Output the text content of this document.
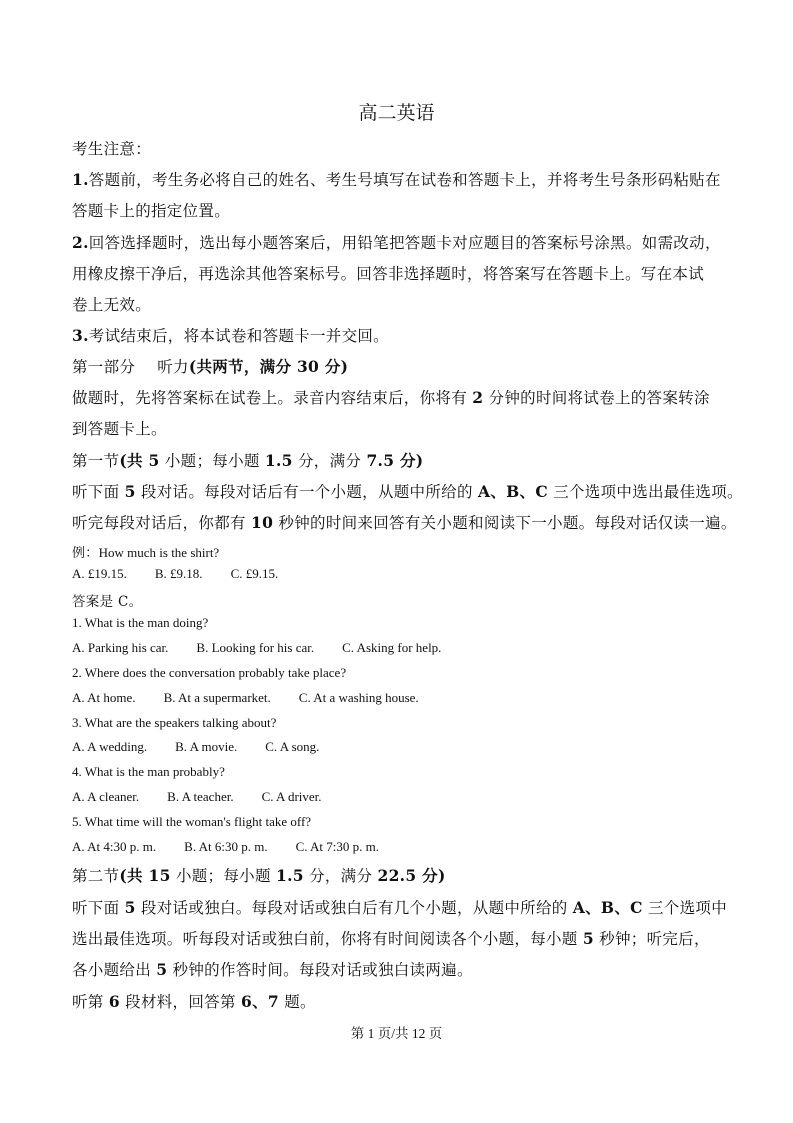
高二英语
考生注意：
1.答题前，考生务必将自己的姓名、考生号填写在试卷和答题卡上，并将考生号条形码粘贴在
答题卡上的指定位置。
2.回答选择题时，选出每小题答案后，用铅笔把答题卡对应题目的答案标号涂黑。如需改动，
用橡皮擦干净后，再选涂其他答案标号。回答非选择题时，将答案写在答题卡上。写在本试
卷上无效。
3.考试结束后，将本试卷和答题卡一并交回。
第一部分 听力(共两节，满分 30 分)
做题时，先将答案标在试卷上。录音内容结束后，你将有 2 分钟的时间将试卷上的答案转涂
到答题卡上。
第一节(共 5 小题；每小题 1.5 分，满分 7.5 分)
听下面 5 段对话。每段对话后有一个小题，从题中所给的 A、B、C 三个选项中选出最佳选项。
听完每段对话后，你都有 10 秒钟的时间来回答有关小题和阅读下一小题。每段对话仅读一遍。
例：How much is the shirt?
A. £19.15. B. £9.18. C. £9.15.
答案是 C。
1. What is the man doing?
A. Parking his car. B. Looking for his car. C. Asking for help.
2. Where does the conversation probably take place?
A. At home. B. At a supermarket. C. At a washing house.
3. What are the speakers talking about?
A. A wedding. B. A movie. C. A song.
4. What is the man probably?
A. A cleaner. B. A teacher. C. A driver.
5. What time will the woman's flight take off?
A. At 4:30 p. m. B. At 6:30 p. m. C. At 7:30 p. m.
第二节(共 15 小题；每小题 1.5 分，满分 22.5 分)
听下面 5 段对话或独白。每段对话或独白后有几个小题，从题中所给的 A、B、C 三个选项中
选出最佳选项。听每段对话或独白前，你将有时间阅读各个小题，每小题 5 秒钟；听完后，
各小题给出 5 秒钟的作答时间。每段对话或独白读两遍。
听第 6 段材料，回答第 6、7 题。
第 1 页/共 12 页
